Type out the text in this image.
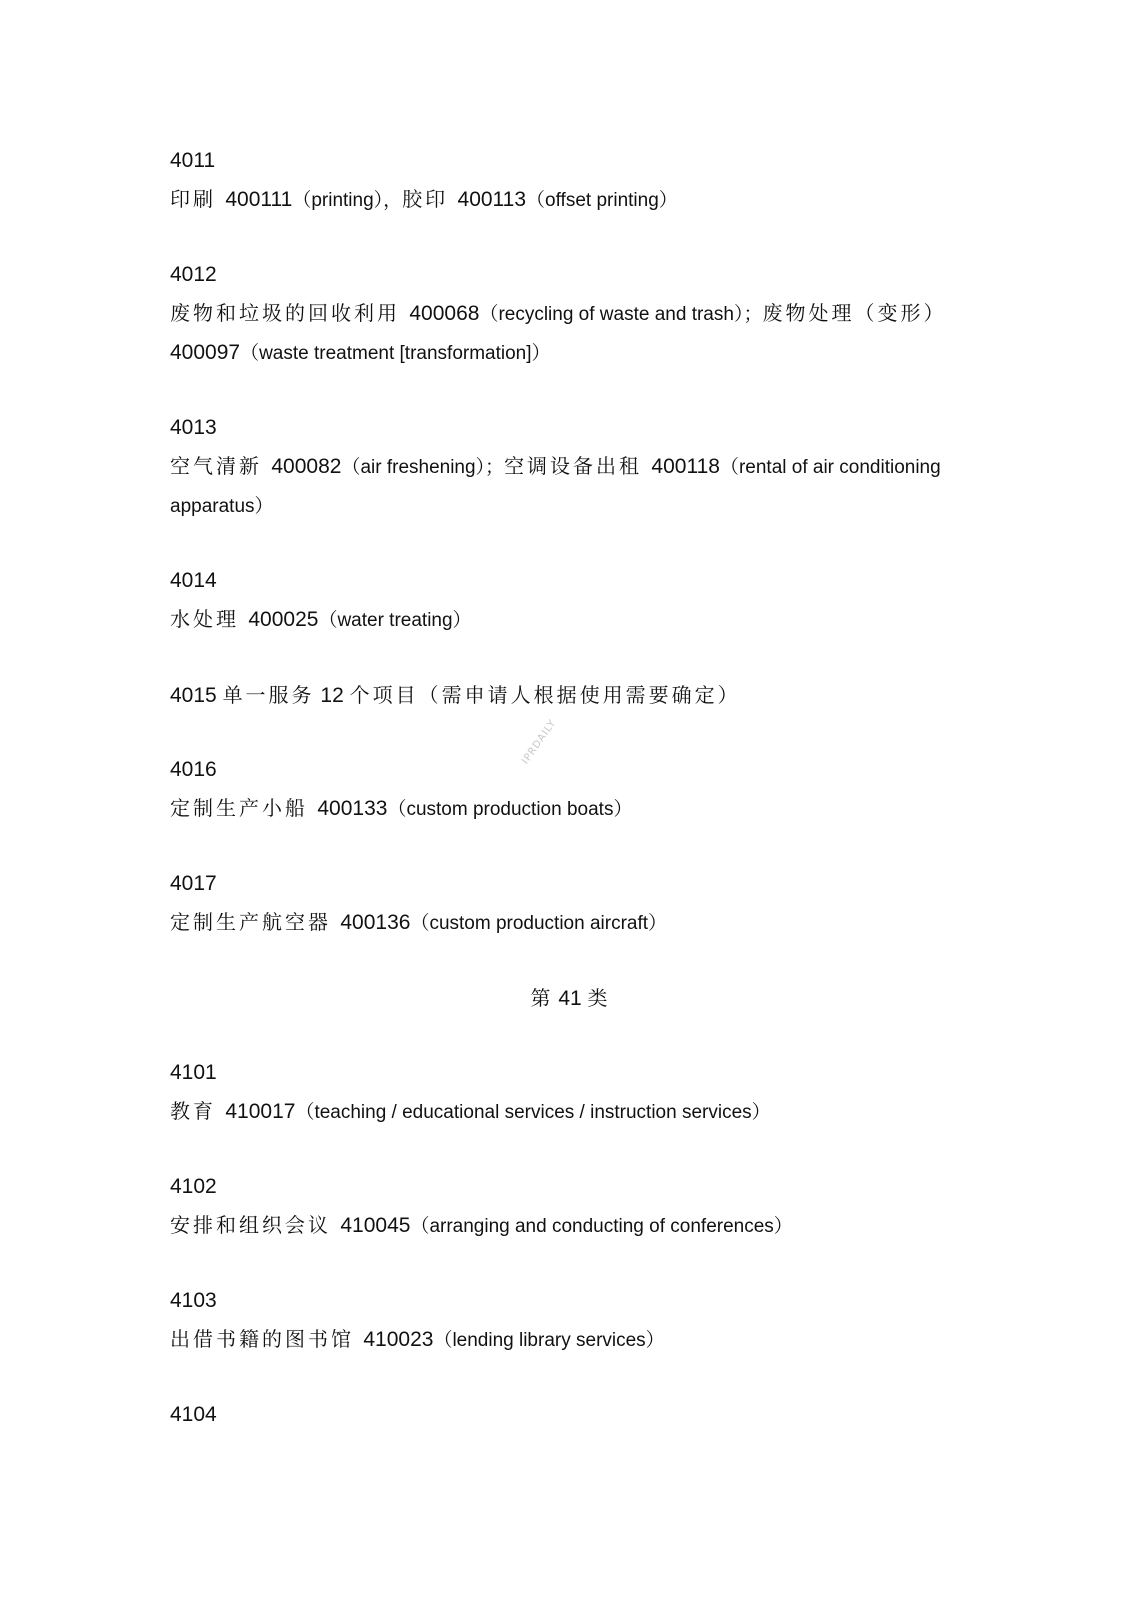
4011
印刷 400111（printing），胶印 400113（offset printing）
4012
废物和垃圾的回收利用 400068（recycling of waste and trash）；废物处理（变形）
400097（waste treatment [transformation]）
4013
空气清新 400082（air freshening）；空调设备出租 400118（rental of air conditioning
apparatus）
4014
水处理 400025（water treating）
4015 单一服务 12 个项目（需申请人根据使用需要确定）
4016
定制生产小船 400133（custom production boats）
4017
定制生产航空器 400136（custom production aircraft）
第 41 类
4101
教育 410017（teaching / educational services / instruction services）
4102
安排和组织会议 410045（arranging and conducting of conferences）
4103
出借书籍的图书馆 410023（lending library services）
4104
IPRDAILY
